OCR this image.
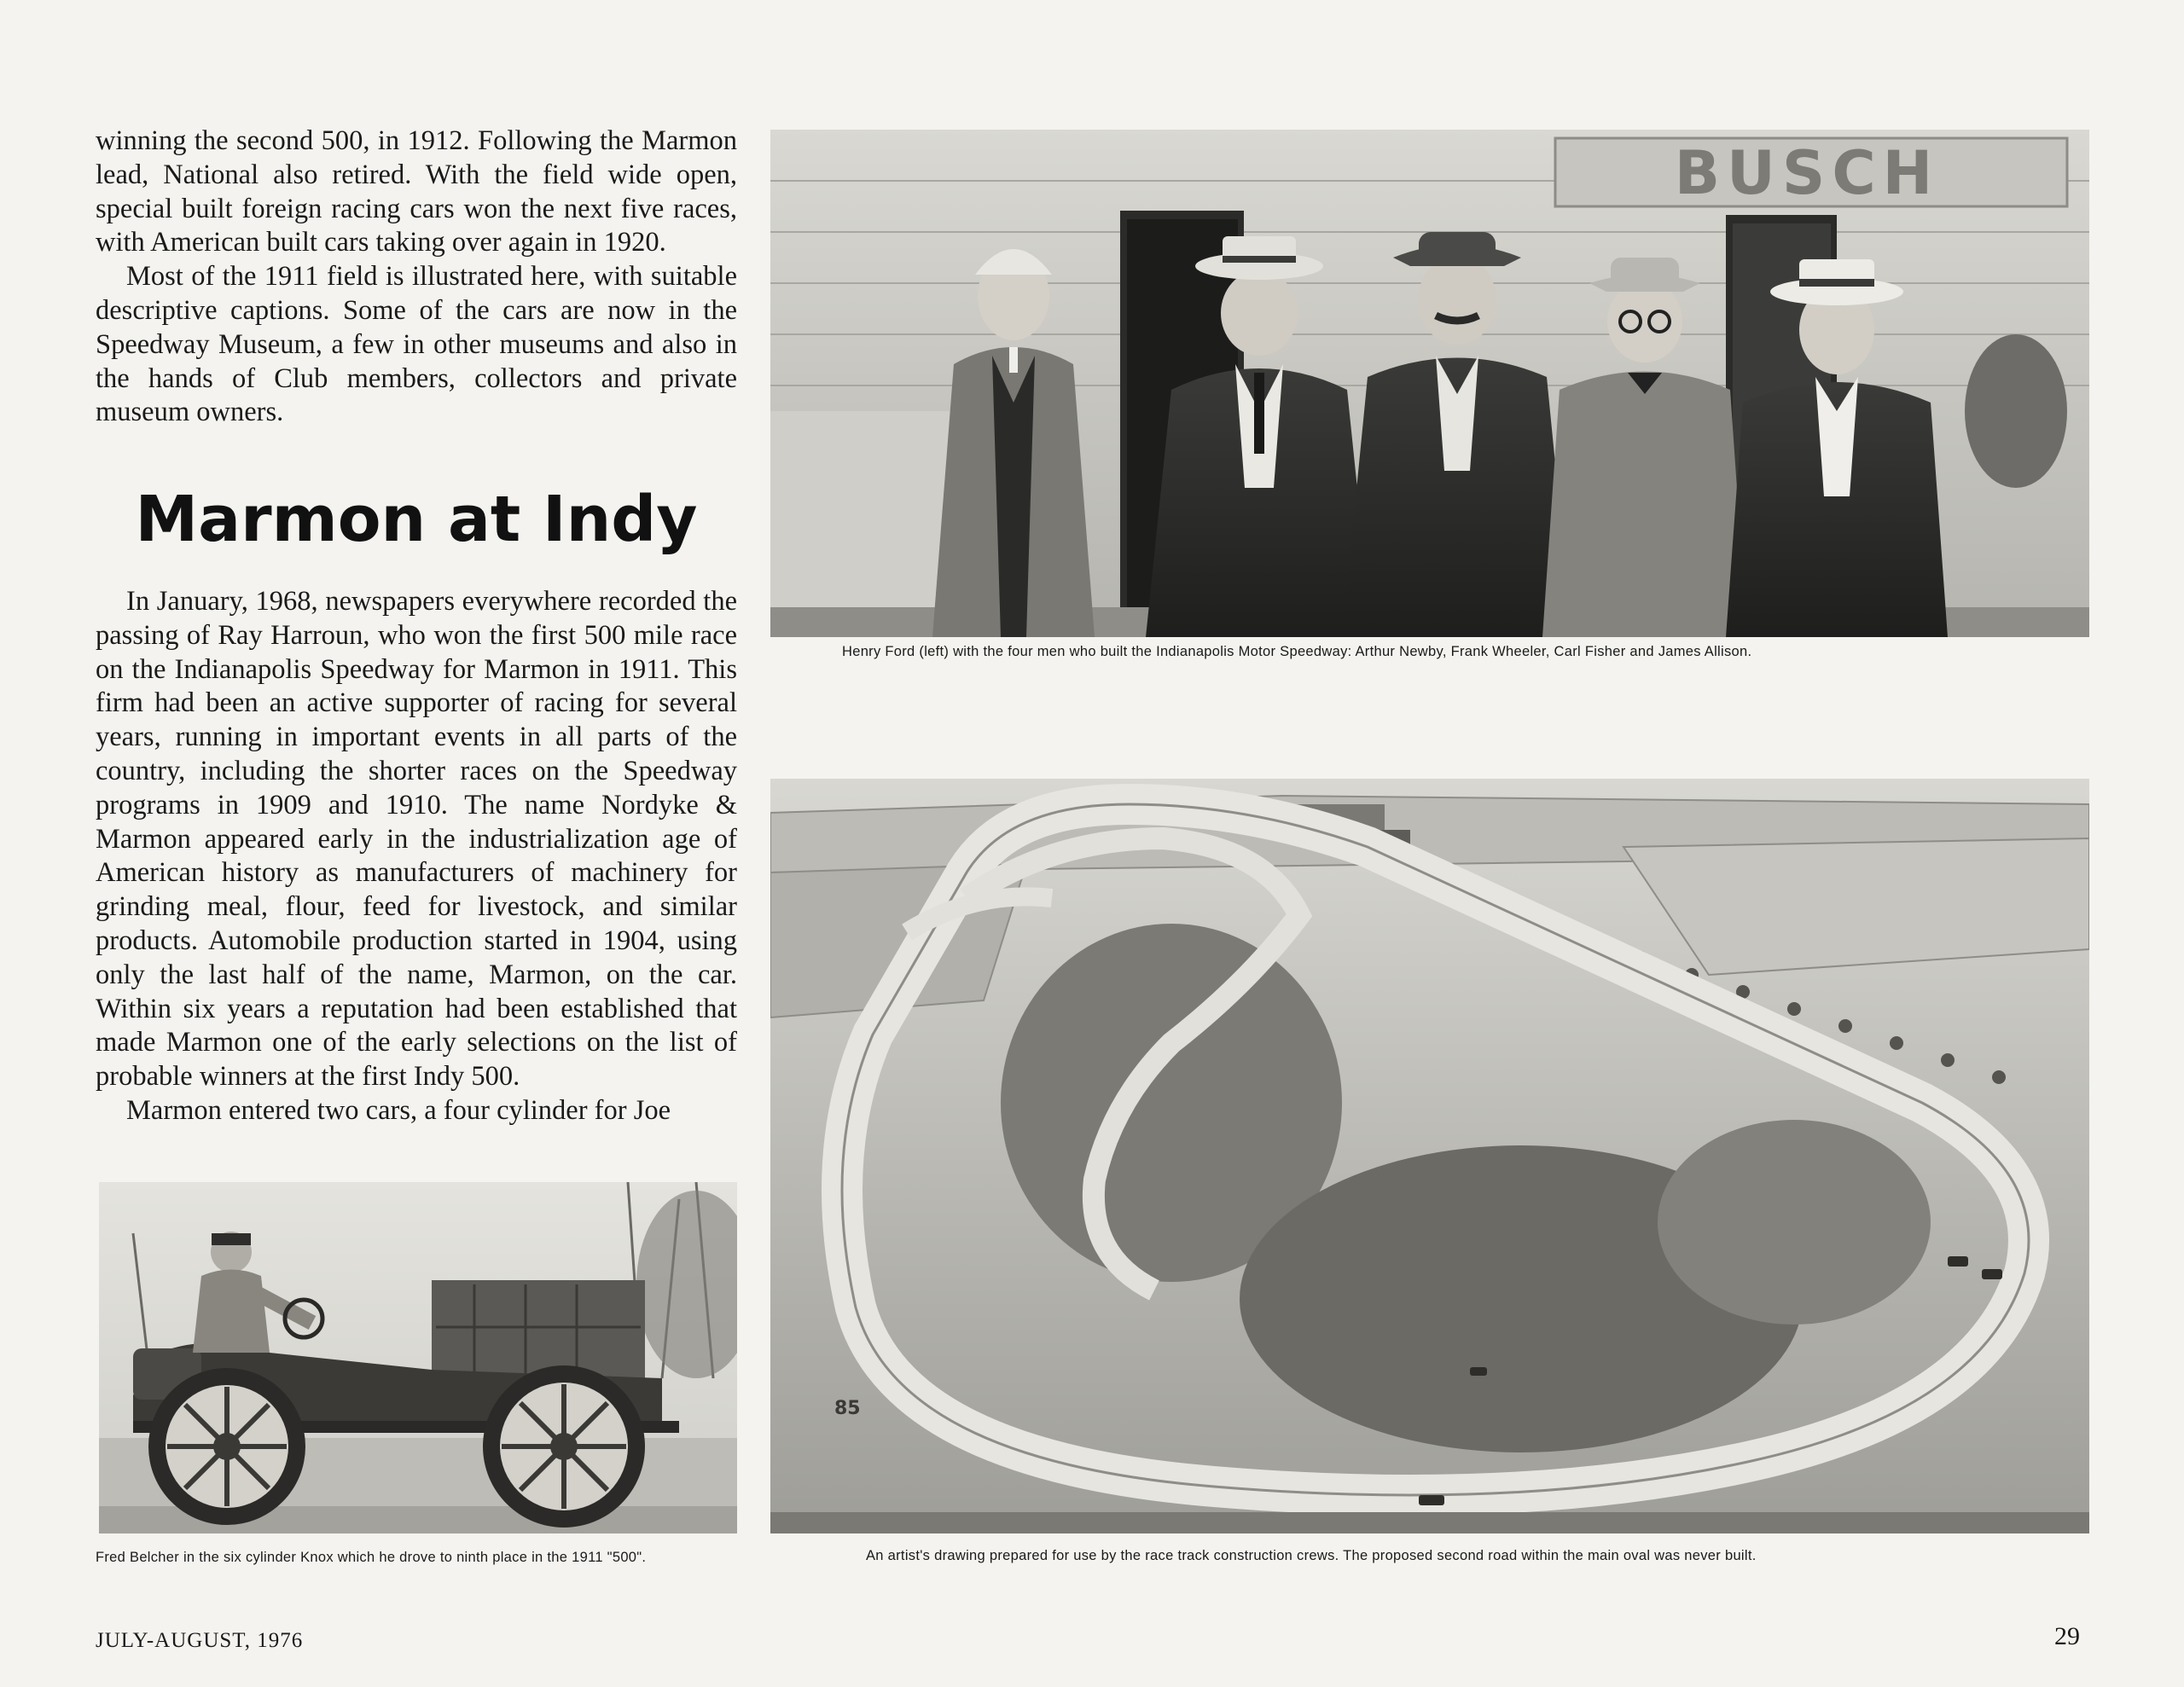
winning the second 500, in 1912. Following the Marmon lead, National also retired. With the field wide open, special built foreign racing cars won the next five races, with American built cars taking over again in 1920.

Most of the 1911 field is illustrated here, with suitable descriptive captions. Some of the cars are now in the Speedway Museum, a few in other museums and also in the hands of Club members, collectors and private museum owners.

Marmon at Indy

In January, 1968, newspapers everywhere recorded the passing of Ray Harroun, who won the first 500 mile race on the Indianapolis Speedway for Marmon in 1911. This firm had been an active supporter of racing for several years, running in important events in all parts of the country, including the shorter races on the Speedway programs in 1909 and 1910. The name Nordyke & Marmon appeared early in the industrialization age of American history as manufacturers of machinery for grinding meal, flour, feed for livestock, and similar products. Automobile production started in 1904, using only the last half of the name, Marmon, on the car. Within six years a reputation had been established that made Marmon one of the early selections on the list of probable winners at the first Indy 500.

Marmon entered two cars, a four cylinder for Joe

BUSCH
Henry Ford (left) with the four men who built the Indianapolis Motor Speedway: Arthur Newby, Frank Wheeler, Carl Fisher and James Allison.
Fred Belcher in the six cylinder Knox which he drove to ninth place in the 1911 "500".
85
An artist's drawing prepared for use by the race track construction crews. The proposed second road within the main oval was never built.
JULY-AUGUST, 1976	29
